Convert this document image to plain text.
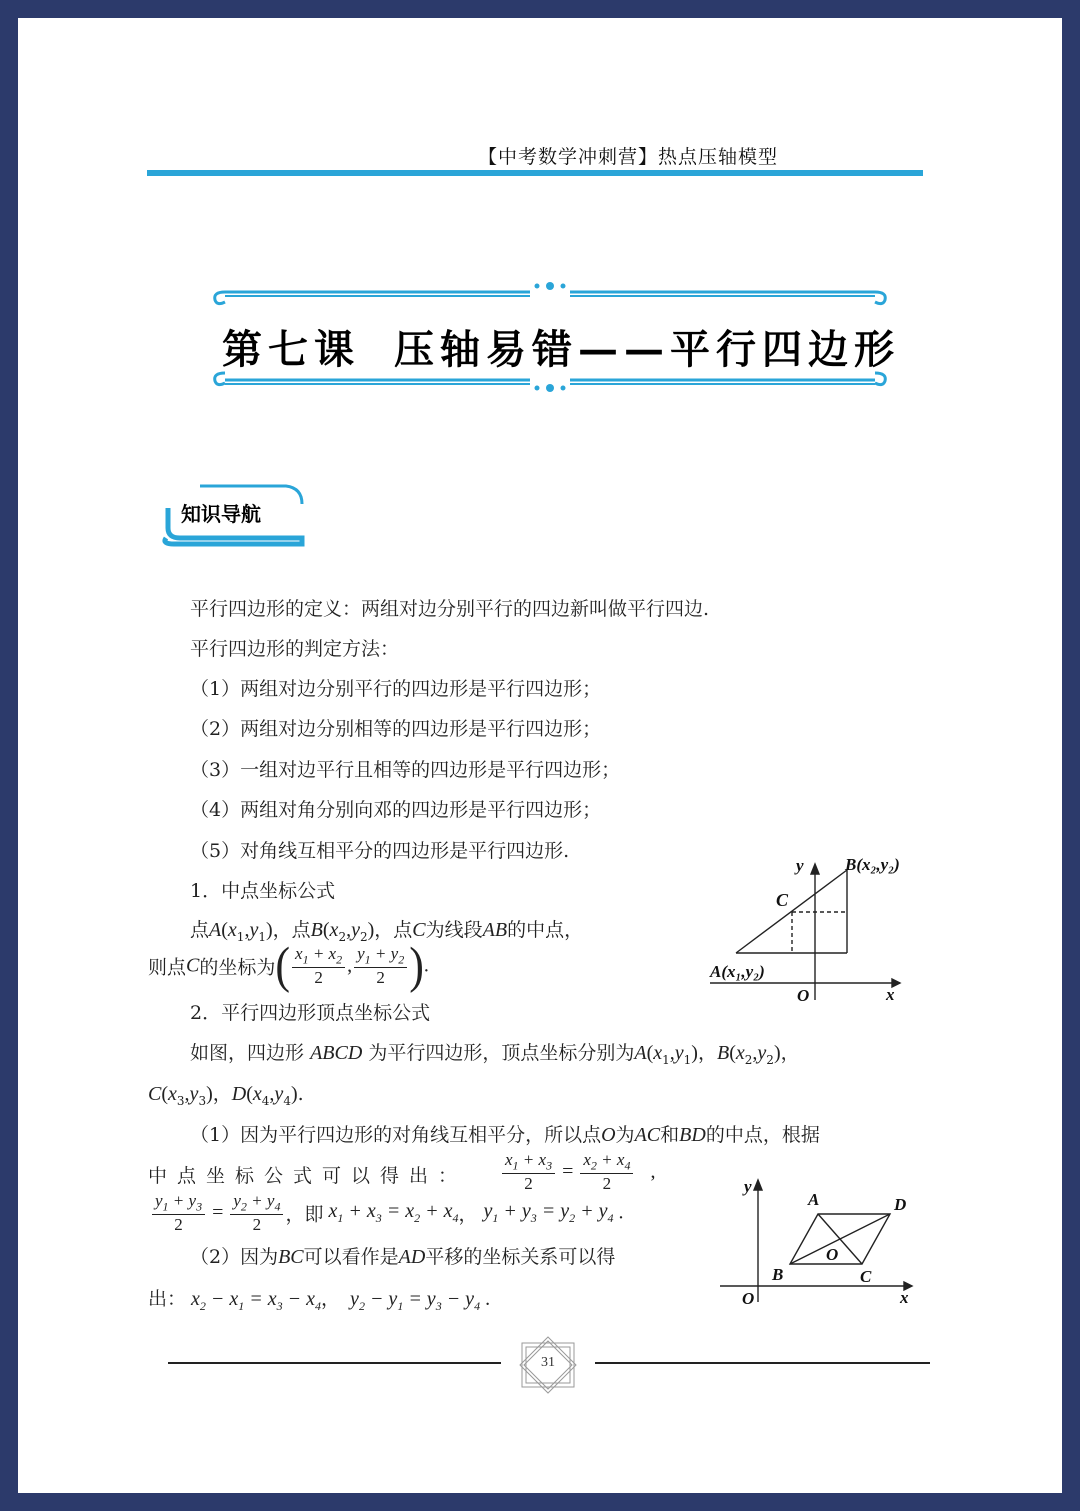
【中考数学冲刺营】热点压轴模型
第七课 压轴易错——平行四边形
知识导航
平行四边形的定义：两组对边分别平行的四边新叫做平行四边.
平行四边形的判定方法：
（1）两组对边分别平行的四边形是平行四边形；
（2）两组对边分别相等的四边形是平行四边形；
（3）一组对边平行且相等的四边形是平行四边形；
（4）两组对角分别向邓的四边形是平行四边形；
（5）对角线互相平分的四边形是平行四边形.
1．中点坐标公式
点$A(x_1,y_1)$，点$B(x_2,y_2)$，点C为线段AB的中点，
则点C的坐标为( $\frac{x_1 + x_2}{2}$ , $\frac{y_1 + y_2}{2}$ ).
2．平行四边形顶点坐标公式
如图，四边形 ABCD 为平行四边形，顶点坐标分别为$A(x_1,y_1)$，$B(x_2,y_2)$，
$C(x_3,y_3)$，$D(x_4,y_4)$.
（1）因为平行四边形的对角线互相平分，所以点O为AC和BD的中点，根据
中点坐标公式可以得出： $\frac{x_1 + x_3}{2} = \frac{x_2 + x_4}{2}$ ,
$\frac{y_1 + y_3}{2} = \frac{y_2 + y_4}{2}$ ，即 $x_1 + x_3 = x_2 + x_4$， $y_1 + y_3 = y_2 + y_4$ .
（2）因为BC可以看作是AD平移的坐标关系可以得
出： $x_2 - x_1 = x_3 - x_4$，  $y_2 - y_1 = y_3 - y_4$ .
y B(x₂,y₂)
C
A(x₁,y₂)
O	x
y
A	D
O
B	C
O	x
31
